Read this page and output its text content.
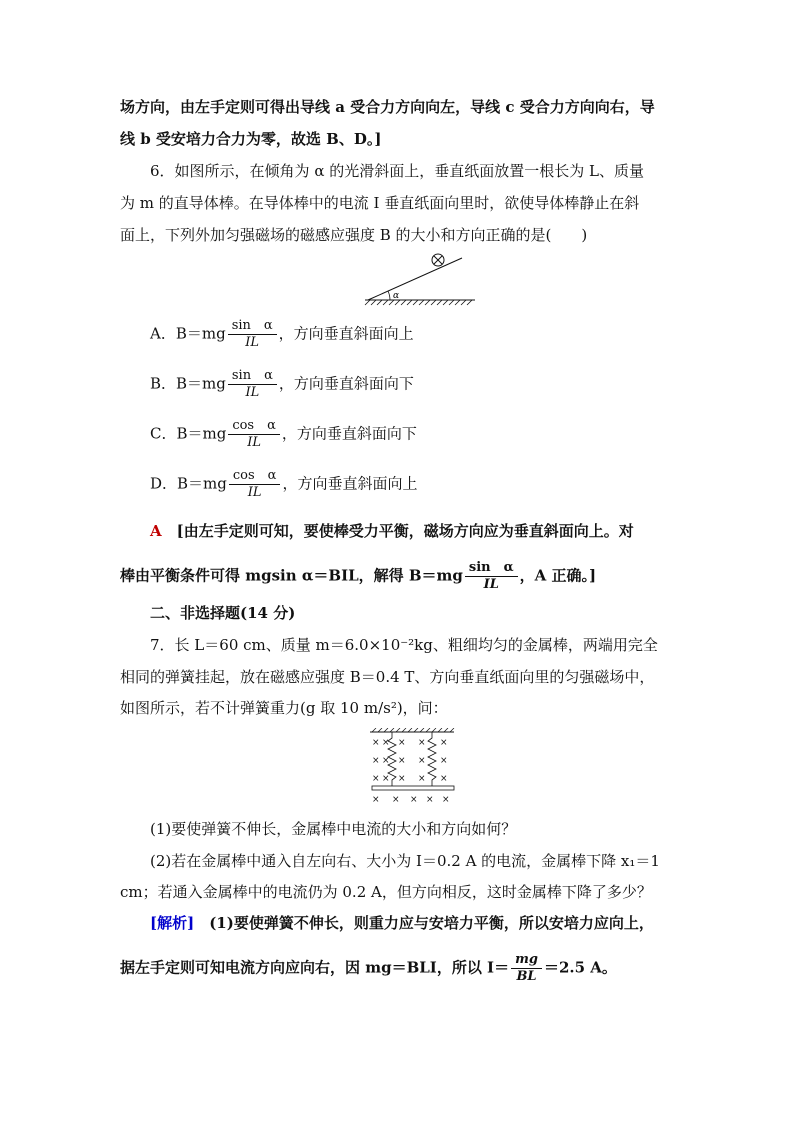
场方向，由左手定则可得出导线 a 受合力方向向左，导线 c 受合力方向向右，导
线 b 受安培力合力为零，故选 B、D。]
6．如图所示，在倾角为 α 的光滑斜面上，垂直纸面放置一根长为 L、质量
为 m 的直导体棒。在导体棒中的电流 I 垂直纸面向里时，欲使导体棒静止在斜
面上，下列外加匀强磁场的磁感应强度 B 的大小和方向正确的是(　　)
α
A．$B=mg \frac{\text{sin　α}}{IL}$ ，方向垂直斜面向上
B．$B=mg \frac{\text{sin　α}}{IL}$ ，方向垂直斜面向下
C．$B=mg \frac{\text{cos　α}}{IL}$ ，方向垂直斜面向下
D．$B=mg \frac{\text{cos　α}}{IL}$ ，方向垂直斜面向上
A　 [由左手定则可知，要使棒受力平衡，磁场方向应为垂直斜面向上。对
棒由平衡条件可得 mgsin α＝BIL，解得 $B=mg \frac{\text{sin　α}}{IL}$ ，A 正确。]
二、非选择题(14 分)
7．长 L＝60 cm、质量 m＝6.0×10⁻²kg、粗细均匀的金属棒，两端用完全
相同的弹簧挂起，放在磁感应强度 B＝0.4 T、方向垂直纸面向里的匀强磁场中，
如图所示，若不计弹簧重力(g 取 10 m/s²)，问：
× × × × ×
× × × × ×
× × × × ×
× × × × ×
(1)要使弹簧不伸长，金属棒中电流的大小和方向如何？
(2)若在金属棒中通入自左向右、大小为 I＝0.2 A 的电流，金属棒下降 x₁＝1
cm；若通入金属棒中的电流仍为 0.2 A，但方向相反，这时金属棒下降了多少？
[解析]　(1)要使弹簧不伸长，则重力应与安培力平衡，所以安培力应向上，
据左手定则可知电流方向应向右，因 mg＝BLI，所以 $I= \frac{mg}{BL} =2.5$ A。
